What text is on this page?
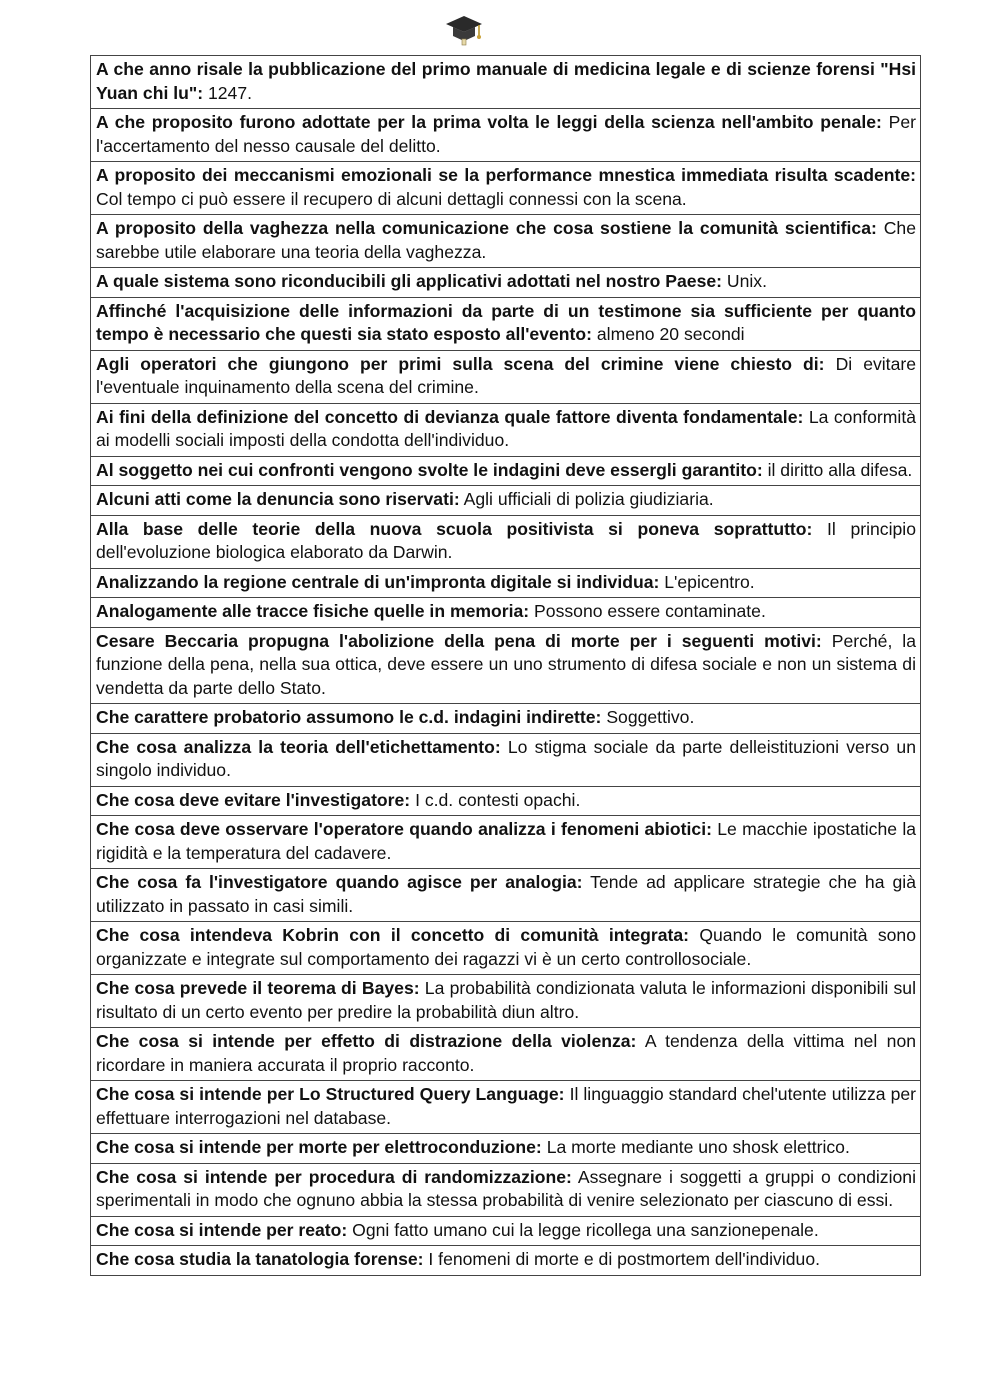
A che anno risale la pubblicazione del primo manuale di medicina legale e di scienze forensi "Hsi Yuan chi lu": 1247.
A che proposito furono adottate per la prima volta le leggi della scienza nell'ambito penale: Per l'accertamento del nesso causale del delitto.
A proposito dei meccanismi emozionali se la performance mnestica immediata risulta scadente: Col tempo ci può essere il recupero di alcuni dettagli connessi con la scena.
A proposito della vaghezza nella comunicazione che cosa sostiene la comunità scientifica: Che sarebbe utile elaborare una teoria della vaghezza.
A quale sistema sono riconducibili gli applicativi adottati nel nostro Paese: Unix.
Affinché l'acquisizione delle informazioni da parte di un testimone sia sufficiente per quanto tempo è necessario che questi sia stato esposto all'evento: almeno 20 secondi
Agli operatori che giungono per primi sulla scena del crimine viene chiesto di: Di evitare l'eventuale inquinamento della scena del crimine.
Ai fini della definizione del concetto di devianza quale fattore diventa fondamentale: La conformità ai modelli sociali imposti della condotta dell'individuo.
Al soggetto nei cui confronti vengono svolte le indagini deve essergli garantito: il diritto alla difesa.
Alcuni atti come la denuncia sono riservati: Agli ufficiali di polizia giudiziaria.
Alla base delle teorie della nuova scuola positivista si poneva soprattutto: Il principio dell'evoluzione biologica elaborato da Darwin.
Analizzando la regione centrale di un'impronta digitale si individua: L'epicentro.
Analogamente alle tracce fisiche quelle in memoria: Possono essere contaminate.
Cesare Beccaria propugna l'abolizione della pena di morte per i seguenti motivi: Perché, la funzione della pena, nella sua ottica, deve essere un uno strumento di difesa sociale e non un sistema di vendetta da parte dello Stato.
Che carattere probatorio assumono le c.d. indagini indirette: Soggettivo.
Che cosa analizza la teoria dell'etichettamento: Lo stigma sociale da parte delleistituzioni verso un singolo individuo.
Che cosa deve evitare l'investigatore: I c.d. contesti opachi.
Che cosa deve osservare l'operatore quando analizza i fenomeni abiotici: Le macchie ipostatiche la rigidità e la temperatura del cadavere.
Che cosa fa l'investigatore quando agisce per analogia: Tende ad applicare strategie che ha già utilizzato in passato in casi simili.
Che cosa intendeva Kobrin con il concetto di comunità integrata: Quando le comunità sono organizzate e integrate sul comportamento dei ragazzi vi è un certo controllosociale.
Che cosa prevede il teorema di Bayes: La probabilità condizionata valuta le informazioni disponibili sul risultato di un certo evento per predire la probabilità diun altro.
Che cosa si intende per effetto di distrazione della violenza: A tendenza della vittima nel non ricordare in maniera accurata il proprio racconto.
Che cosa si intende per Lo Structured Query Language: Il linguaggio standard chel'utente utilizza per effettuare interrogazioni nel database.
Che cosa si intende per morte per elettroconduzione: La morte mediante uno shosk elettrico.
Che cosa si intende per procedura di randomizzazione: Assegnare i soggetti a gruppi o condizioni sperimentali in modo che ognuno abbia la stessa probabilità di venire selezionato per ciascuno di essi.
Che cosa si intende per reato: Ogni fatto umano cui la legge ricollega una sanzionepenale.
Che cosa studia la tanatologia forense: I fenomeni di morte e di postmortem dell'individuo.
